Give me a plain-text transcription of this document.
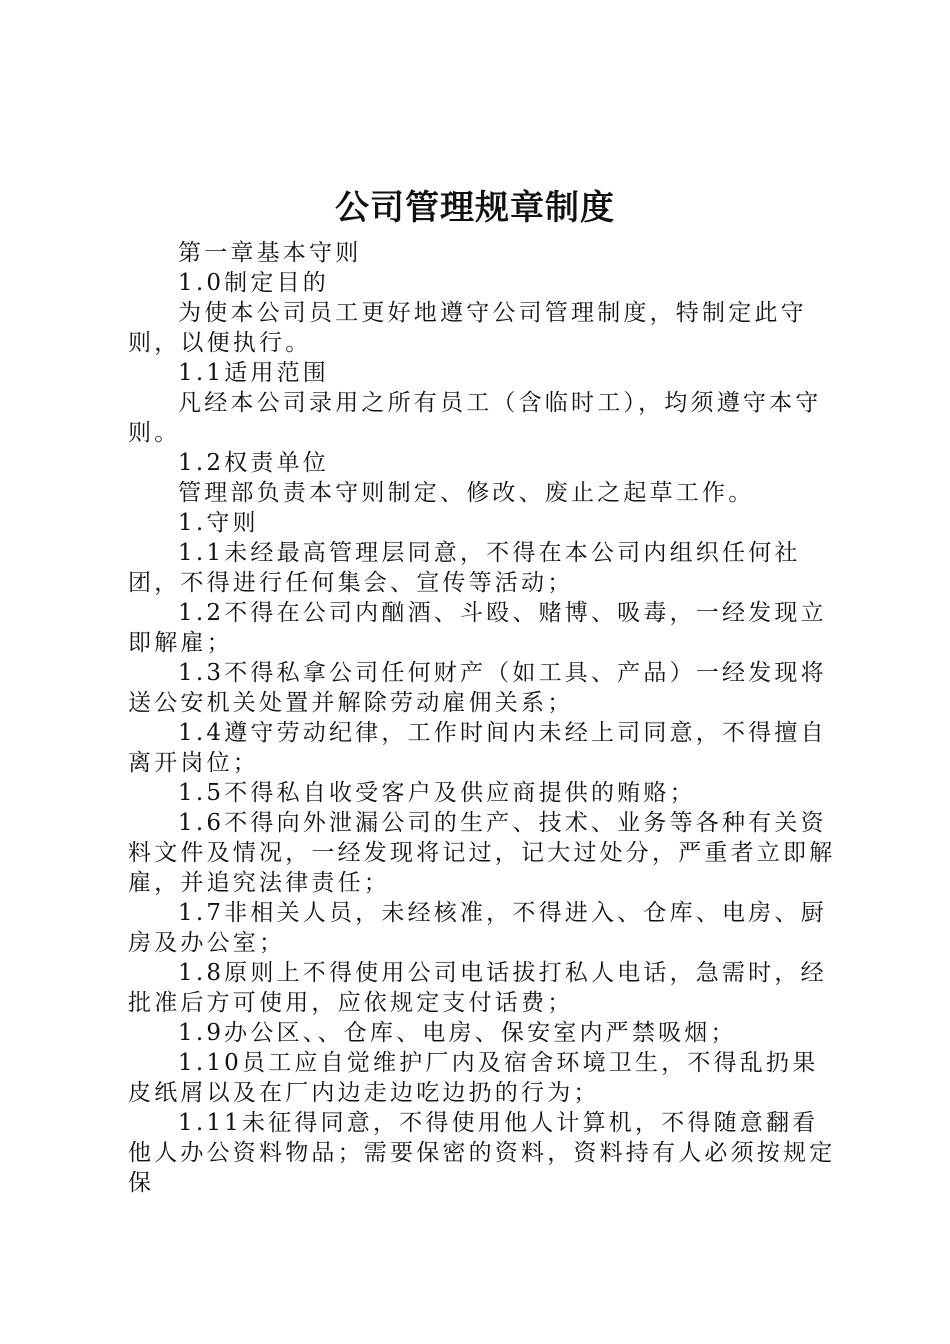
公司管理规章制度

第一章基本守则

1.0制定目的

为使本公司员工更好地遵守公司管理制度，特制定此守则，以便执行。

1.1适用范围

凡经本公司录用之所有员工（含临时工），均须遵守本守则。

1.2权责单位

管理部负责本守则制定、修改、废止之起草工作。

1.守则

1.1未经最高管理层同意，不得在本公司内组织任何社团，不得进行任何集会、宣传等活动；

1.2不得在公司内酗酒、斗殴、赌博、吸毒，一经发现立即解雇；

1.3不得私拿公司任何财产（如工具、产品）一经发现将送公安机关处置并解除劳动雇佣关系；

1.4遵守劳动纪律，工作时间内未经上司同意，不得擅自离开岗位；

1.5不得私自收受客户及供应商提供的贿赂；

1.6不得向外泄漏公司的生产、技术、业务等各种有关资料文件及情况，一经发现将记过，记大过处分，严重者立即解雇，并追究法律责任；

1.7非相关人员，未经核准，不得进入、仓库、电房、厨房及办公室；

1.8原则上不得使用公司电话拔打私人电话，急需时，经批准后方可使用，应依规定支付话费；

1.9办公区、、仓库、电房、保安室内严禁吸烟；

1.10员工应自觉维护厂内及宿舍环境卫生，不得乱扔果皮纸屑以及在厂内边走边吃边扔的行为；

1.11未征得同意，不得使用他人计算机，不得随意翻看他人办公资料物品；需要保密的资料，资料持有人必须按规定保
